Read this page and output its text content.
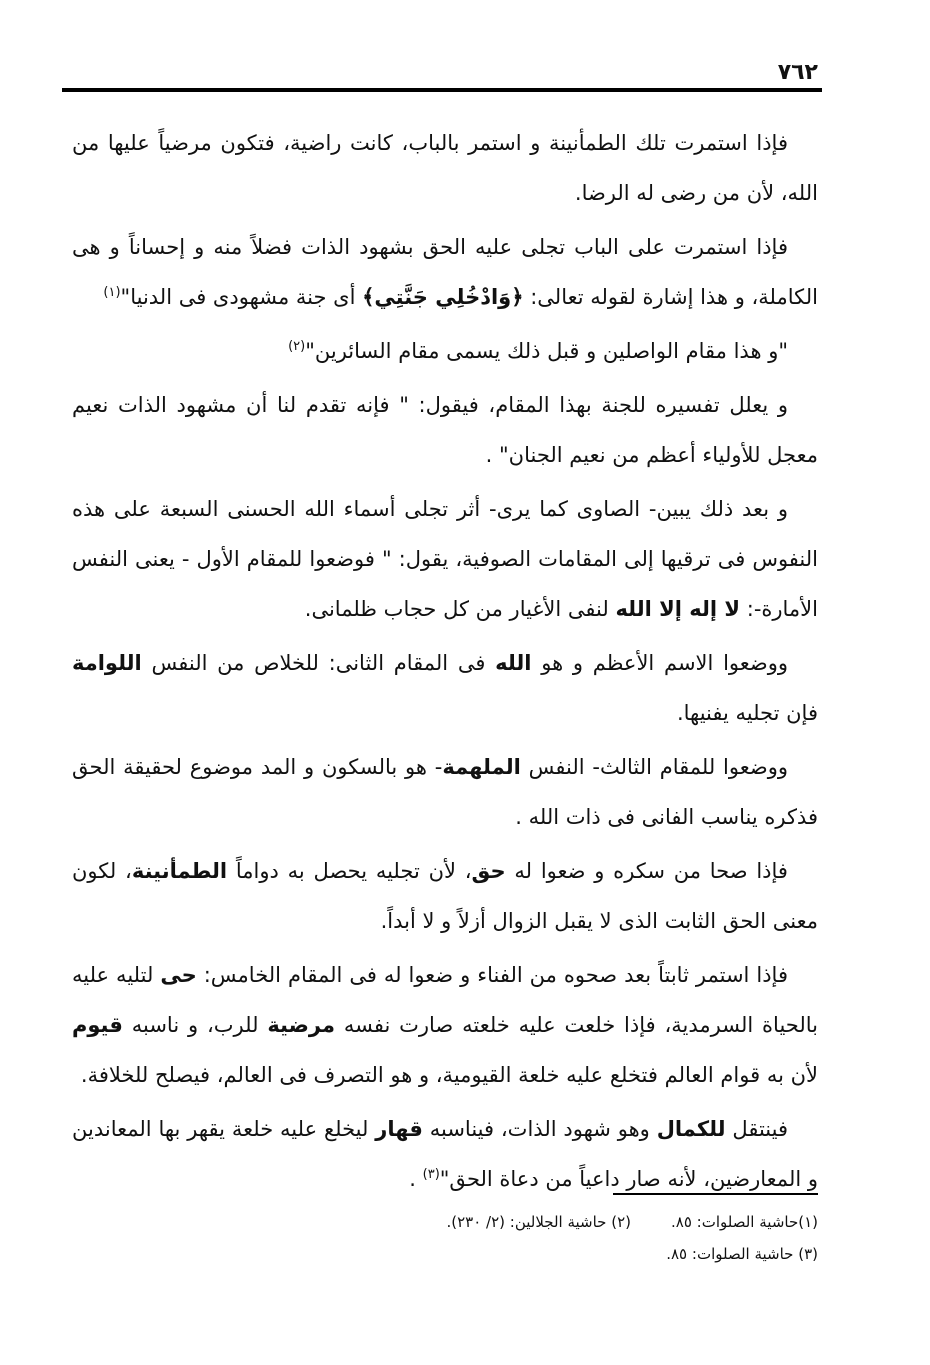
٧٦٢

فإذا استمرت تلك الطمأنينة و استمر بالباب، كانت راضية، فتكون مرضياً عليها من الله، لأن من رضى له الرضا.

فإذا استمرت على الباب تجلى عليه الحق بشهود الذات فضلاً منه و إحساناً و هى الكاملة، و هذا إشارة لقوله تعالى: ﴿وَادْخُلِي جَنَّتِي﴾ أى جنة مشهودى فى الدنيا"$^{(١)}$

"و هذا مقام الواصلين و قبل ذلك يسمى مقام السائرين"$^{(٢)}$

و يعلل تفسيره للجنة بهذا المقام، فيقول: " فإنه تقدم لنا أن مشهود الذات نعيم معجل للأولياء أعظم من نعيم الجنان" .

و بعد ذلك يبين- الصاوى كما يرى- أثر تجلى أسماء الله الحسنى السبعة على هذه النفوس فى ترقيها إلى المقامات الصوفية، يقول: " فوضعوا للمقام الأول - يعنى النفس الأمارة-: لا إله إلا الله لنفى الأغيار من كل حجاب ظلمانى.

ووضعوا الاسم الأعظم و هو الله فى المقام الثانى: للخلاص من النفس اللوامة فإن تجليه يفنيها.

ووضعوا للمقام الثالث- النفس الملهمة- هو بالسكون و المد موضوع لحقيقة الحق فذكره يناسب الفانى فى ذات الله .

فإذا صحا من سكره و ضعوا له حق، لأن تجليه يحصل به دواماً الطمأنينة، لكون معنى الحق الثابت الذى لا يقبل الزوال أزلاً و لا أبداً.

فإذا استمر ثابتاً بعد صحوه من الفناء و ضعوا له فى المقام الخامس: حى لتليه عليه بالحياة السرمدية، فإذا خلعت عليه خلعته صارت نفسه مرضية للرب، و ناسبه قيوم لأن به قوام العالم فتخلع عليه خلعة القيومية، و هو التصرف فى العالم، فيصلح للخلافة.

فينتقل للكمال وهو شهود الذات، فيناسبه قهار ليخلع عليه خلعة يقهر بها المعاندين و المعارضين، لأنه صار داعياً من دعاة الحق"$^{(٣)}$ .

(١)حاشية الصلوات: ٨٥.
(٢) حاشية الجلالين: (٢/ ٢٣٠).
(٣) حاشية الصلوات: ٨٥.
